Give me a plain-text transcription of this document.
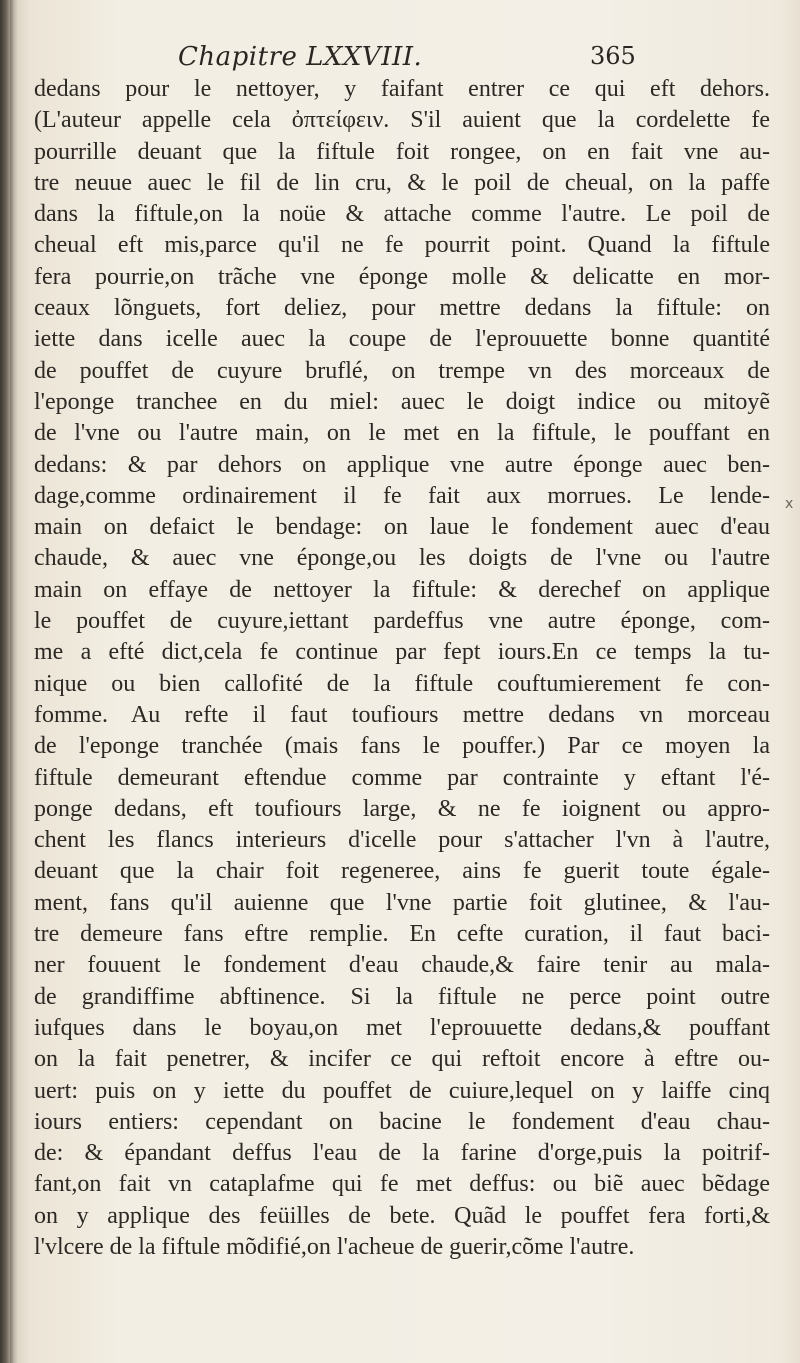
Chapitre LXXVIII.	365
x
dedans pour le nettoyer, y faifant entrer ce qui eft dehors.
(L'auteur appelle cela ὀπτείφειν. S'il auient que la cordelette fe
pourrille deuant que la fiftule foit rongee, on en fait vne au-
tre neuue auec le fil de lin cru, & le poil de cheual, on la paffe
dans la fiftule,on la noüe & attache comme l'autre. Le poil de
cheual eft mis,parce qu'il ne fe pourrit point. Quand la fiftule
fera pourrie,on trãche vne éponge molle & delicatte en mor-
ceaux lõnguets, fort deliez, pour mettre dedans la fiftule: on
iette dans icelle auec la coupe de l'eprouuette bonne quantité
de pouffet de cuyure bruflé, on trempe vn des morceaux de
l'eponge tranchee en du miel: auec le doigt indice ou mitoyẽ
de l'vne ou l'autre main, on le met en la fiftule, le pouffant en
dedans: & par dehors on applique vne autre éponge auec ben-
dage,comme ordinairement il fe fait aux morrues. Le lende-
main on defaict le bendage: on laue le fondement auec d'eau
chaude, & auec vne éponge,ou les doigts de l'vne ou l'autre
main on effaye de nettoyer la fiftule: & derechef on applique
le pouffet de cuyure,iettant pardeffus vne autre éponge, com-
me a efté dict,cela fe continue par fept iours.En ce temps la tu-
nique ou bien callofité de la fiftule couftumierement fe con-
fomme. Au refte il faut toufiours mettre dedans vn morceau
de l'eponge tranchée (mais fans le pouffer.) Par ce moyen la
fiftule demeurant eftendue comme par contrainte y eftant l'é-
ponge dedans, eft toufiours large, & ne fe ioignent ou appro-
chent les flancs interieurs d'icelle pour s'attacher l'vn à l'autre,
deuant que la chair foit regeneree, ains fe guerit toute égale-
ment, fans qu'il auienne que l'vne partie foit glutinee, & l'au-
tre demeure fans eftre remplie. En cefte curation, il faut baci-
ner fouuent le fondement d'eau chaude,& faire tenir au mala-
de grandiffime abftinence. Si la fiftule ne perce point outre
iufques dans le boyau,on met l'eprouuette dedans,& pouffant
on la fait penetrer, & incifer ce qui reftoit encore à eftre ou-
uert: puis on y iette du pouffet de cuiure,lequel on y laiffe cinq
iours entiers: cependant on bacine le fondement d'eau chau-
de: & épandant deffus l'eau de la farine d'orge,puis la poitrif-
fant,on fait vn cataplafme qui fe met deffus: ou biẽ auec bẽdage
on y applique des feüilles de bete. Quãd le pouffet fera forti,&
l'vlcere de la fiftule mõdifié,on l'acheue de guerir,cõme l'autre.
